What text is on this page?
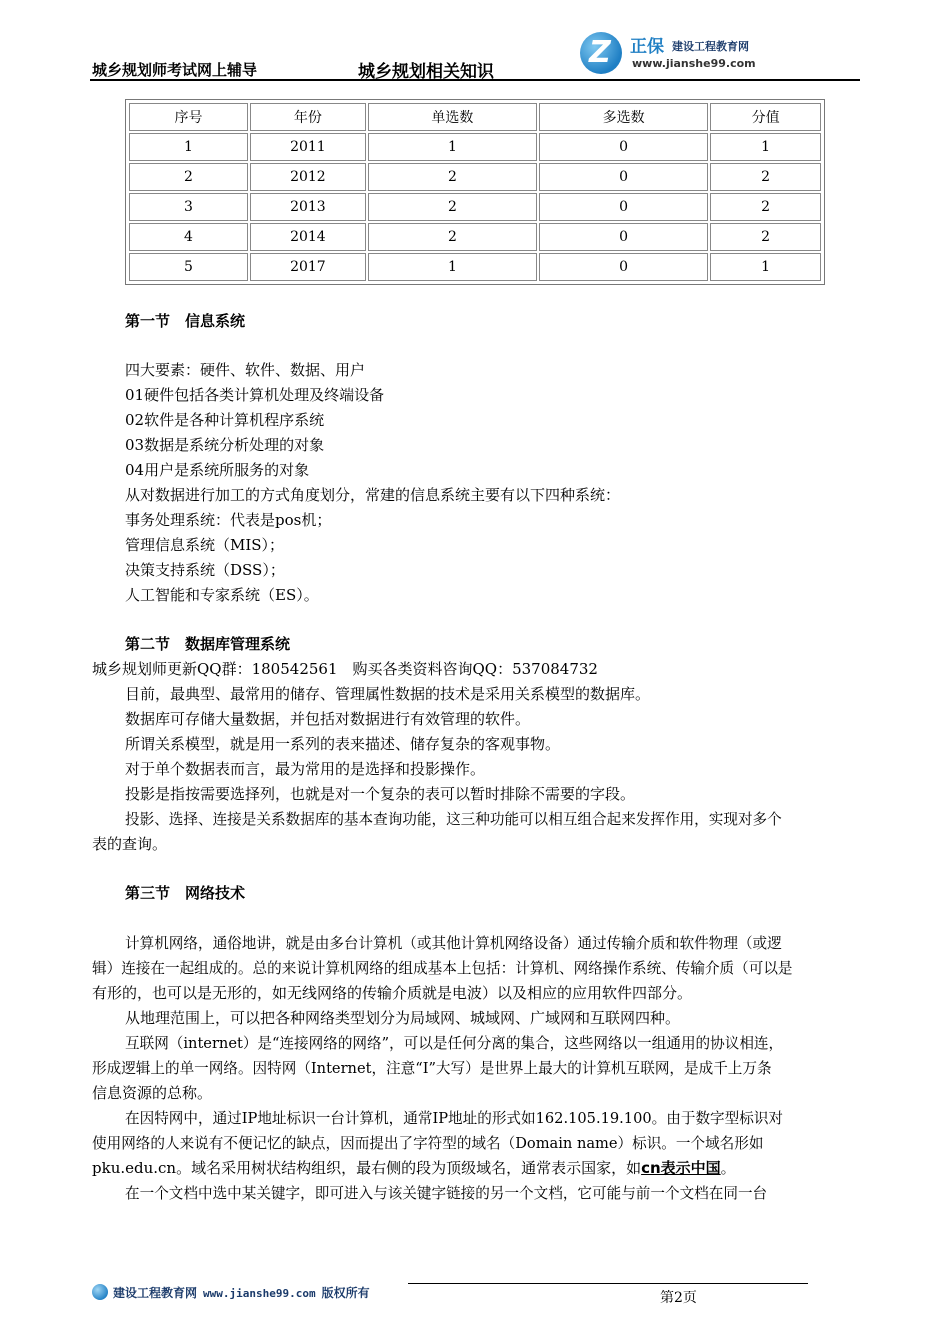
城乡规划师考试网上辅导	城乡规划相关知识
Z 正保 建设工程教育网
www.jianshe99.com
序号	年份	单选数	多选数	分值
1	2011	1	0	1
2	2012	2	0	2
3	2013	2	0	2
4	2014	2	0	2
5	2017	1	0	1
第一节　信息系统
四大要素：硬件、软件、数据、用户
01硬件包括各类计算机处理及终端设备
02软件是各种计算机程序系统
03数据是系统分析处理的对象
04用户是系统所服务的对象
从对数据进行加工的方式角度划分，常建的信息系统主要有以下四种系统：
事务处理系统：代表是pos机；
管理信息系统（MIS）；
决策支持系统（DSS）；
人工智能和专家系统（ES）。
第二节　数据库管理系统
城乡规划师更新QQ群：180542561　购买各类资料咨询QQ：537084732
目前，最典型、最常用的储存、管理属性数据的技术是采用关系模型的数据库。
数据库可存储大量数据，并包括对数据进行有效管理的软件。
所谓关系模型，就是用一系列的表来描述、储存复杂的客观事物。
对于单个数据表而言，最为常用的是选择和投影操作。
投影是指按需要选择列，也就是对一个复杂的表可以暂时排除不需要的字段。
投影、选择、连接是关系数据库的基本查询功能，这三种功能可以相互组合起来发挥作用，实现对多个
表的查询。
第三节　网络技术
计算机网络，通俗地讲，就是由多台计算机（或其他计算机网络设备）通过传输介质和软件物理（或逻
辑）连接在一起组成的。总的来说计算机网络的组成基本上包括：计算机、网络操作系统、传输介质（可以是
有形的，也可以是无形的，如无线网络的传输介质就是电波）以及相应的应用软件四部分。
从地理范围上，可以把各种网络类型划分为局域网、城域网、广域网和互联网四种。
互联网（internet）是“连接网络的网络”，可以是任何分离的集合，这些网络以一组通用的协议相连，
形成逻辑上的单一网络。因特网（Internet，注意“I”大写）是世界上最大的计算机互联网，是成千上万条
信息资源的总称。
在因特网中，通过IP地址标识一台计算机，通常IP地址的形式如162.105.19.100。由于数字型标识对
使用网络的人来说有不便记忆的缺点，因而提出了字符型的域名（Domain name）标识。一个域名形如
pku.edu.cn。域名采用树状结构组织，最右侧的段为顶级域名，通常表示国家，如cn表示中国。
在一个文档中选中某关键字，即可进入与该关键字链接的另一个文档，它可能与前一个文档在同一台
建设工程教育网 www.jianshe99.com 版权所有	第2页
